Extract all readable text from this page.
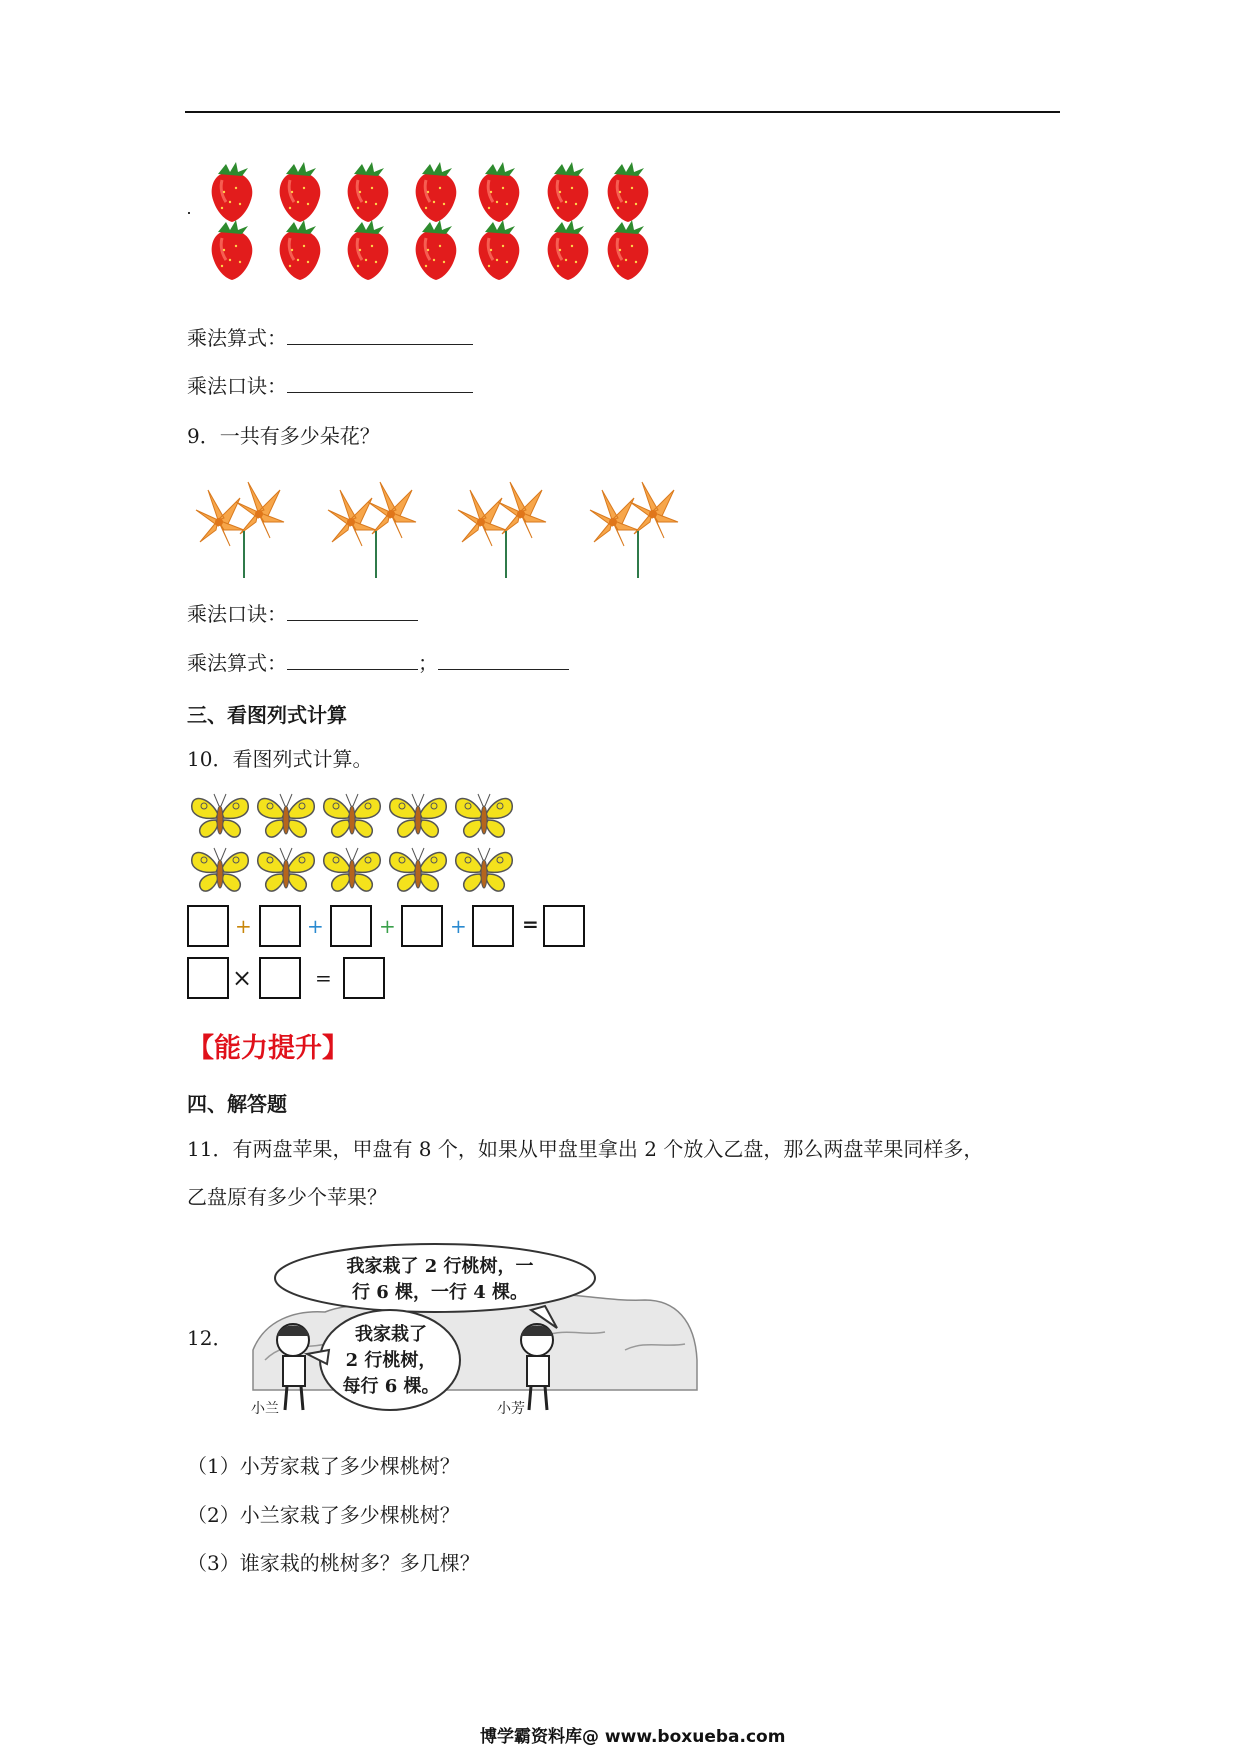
乘法算式：
乘法口诀：
9．一共有多少朵花？
乘法口诀：
乘法算式：	；
三、看图列式计算
10．看图列式计算。
+	+	+	+	=
×	=
【能力提升】
四、解答题
11．有两盘苹果，甲盘有 8 个，如果从甲盘里拿出 2 个放入乙盘，那么两盘苹果同样多，
乙盘原有多少个苹果？
12．
我家栽了 2 行桃树，一
行 6 棵，一行 4 棵。
我家栽了
2 行桃树，
每行 6 棵。
小兰	小芳
（1）小芳家栽了多少棵桃树？
（2）小兰家栽了多少棵桃树？
（3）谁家栽的桃树多？多几棵？
博学霸资料库@ www.boxueba.com
